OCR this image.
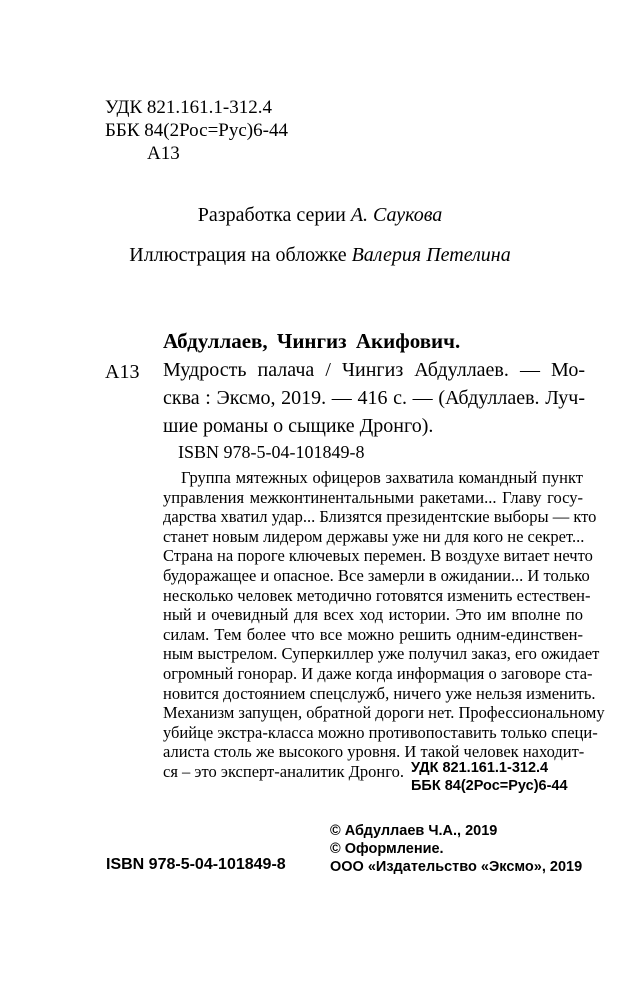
УДК 821.161.1-312.4
ББК 84(2Рос=Рус)6-44
А13
Разработка серии А. Саукова
Иллюстрация на обложке Валерия Петелина
Абдуллаев, Чингиз Акифович.
А13 Мудрость палача / Чингиз Абдуллаев. — Мо-
сква : Эксмо, 2019. — 416 с. — (Абдуллаев. Луч-
шие романы о сыщике Дронго).
ISBN 978-5-04-101849-8
Группа мятежных офицеров захватила командный пункт
управления межконтинентальными ракетами... Главу госу-
дарства хватил удар... Близятся президентские выборы — кто
станет новым лидером державы уже ни для кого не секрет...
Страна на пороге ключевых перемен. В воздухе витает нечто
будоражащее и опасное. Все замерли в ожидании... И только
несколько человек методично готовятся изменить естествен-
ный и очевидный для всех ход истории. Это им вполне по
силам. Тем более что все можно решить одним-единствен-
ным выстрелом. Суперкиллер уже получил заказ, его ожидает
огромный гонорар. И даже когда информация о заговоре ста-
новится достоянием спецслужб, ничего уже нельзя изменить.
Механизм запущен, обратной дороги нет. Профессиональному
убийце экстра-класса можно противопоставить только специ-
алиста столь же высокого уровня. И такой человек находит-
ся – это эксперт-аналитик Дронго. УДК 821.161.1-312.4
ББК 84(2Рос=Рус)6-44
© Абдуллаев Ч.А., 2019
© Оформление.
ООО «Издательство «Эксмо», 2019
ISBN 978-5-04-101849-8
